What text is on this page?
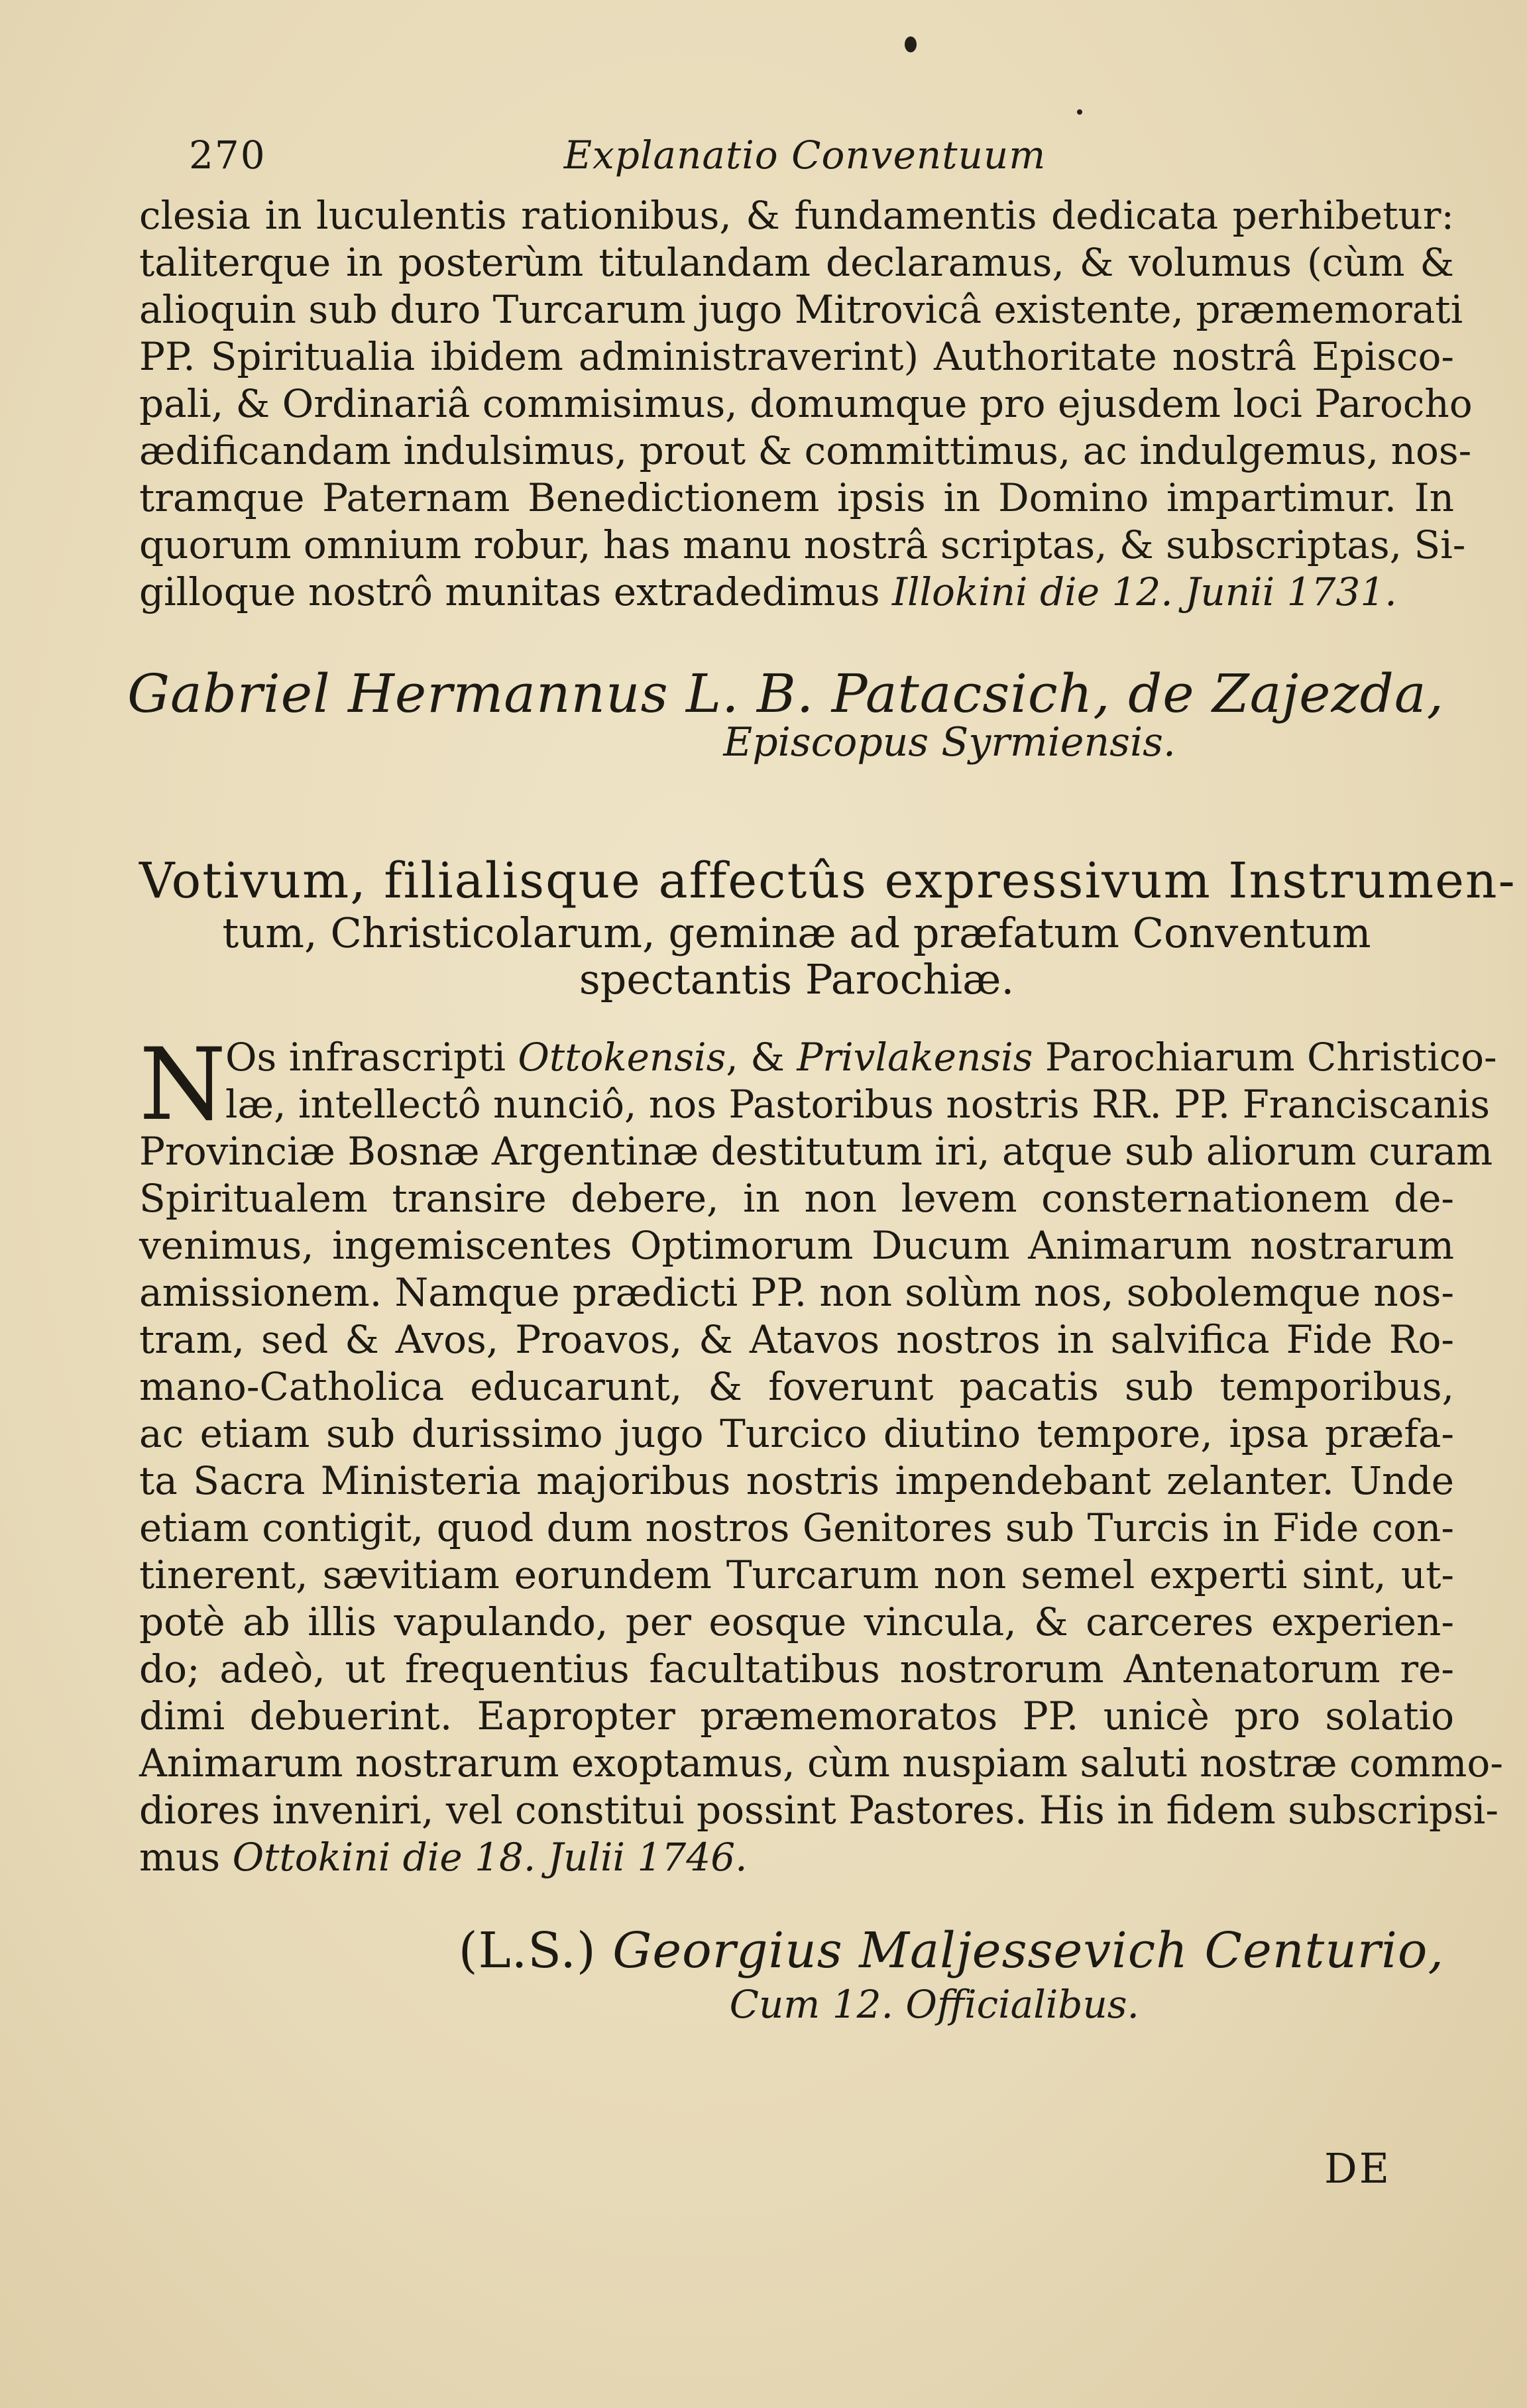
270	Explanatio Conventuum
clesia in luculentis rationibus, & fundamentis dedicata perhibetur:
taliterque in posterùm titulandam declaramus, & volumus (cùm &
alioquin sub duro Turcarum jugo Mitrovicâ existente, præmemorati
PP. Spiritualia ibidem administraverint) Authoritate nostrâ Episco-
pali, & Ordinariâ commisimus, domumque pro ejusdem loci Parocho
ædificandam indulsimus, prout & committimus, ac indulgemus, nos-
tramque Paternam Benedictionem ipsis in Domino impartimur. In
quorum omnium robur, has manu nostrâ scriptas, & subscriptas, Si-
gilloque nostrô munitas extradedimus Illokini die 12. Junii 1731.
Gabriel Hermannus L. B. Patacsich, de Zajezda,
Episcopus Syrmiensis.
Votivum, filialisque affectûs expressivum Instrumen-
tum, Christicolarum, geminæ ad præfatum Conventum
spectantis Parochiæ.
N
Os infrascripti Ottokensis, & Privlakensis Parochiarum Christico-
læ, intellectô nunciô, nos Pastoribus nostris RR. PP. Franciscanis
Provinciæ Bosnæ Argentinæ destitutum iri, atque sub aliorum curam
Spiritualem transire debere, in non levem consternationem de-
venimus, ingemiscentes Optimorum Ducum Animarum nostrarum
amissionem. Namque prædicti PP. non solùm nos, sobolemque nos-
tram, sed & Avos, Proavos, & Atavos nostros in salvifica Fide Ro-
mano-Catholica educarunt, & foverunt pacatis sub temporibus,
ac etiam sub durissimo jugo Turcico diutino tempore, ipsa præfa-
ta Sacra Ministeria majoribus nostris impendebant zelanter. Unde
etiam contigit, quod dum nostros Genitores sub Turcis in Fide con-
tinerent, sævitiam eorundem Turcarum non semel experti sint, ut-
potè ab illis vapulando, per eosque vincula, & carceres experien-
do; adeò, ut frequentius facultatibus nostrorum Antenatorum re-
dimi debuerint. Eapropter præmemoratos PP. unicè pro solatio
Animarum nostrarum exoptamus, cùm nuspiam saluti nostræ commo-
diores inveniri, vel constitui possint Pastores. His in fidem subscripsi-
mus Ottokini die 18. Julii 1746.
(L.S.) Georgius Maljessevich Centurio,
Cum 12. Officialibus.
DE
